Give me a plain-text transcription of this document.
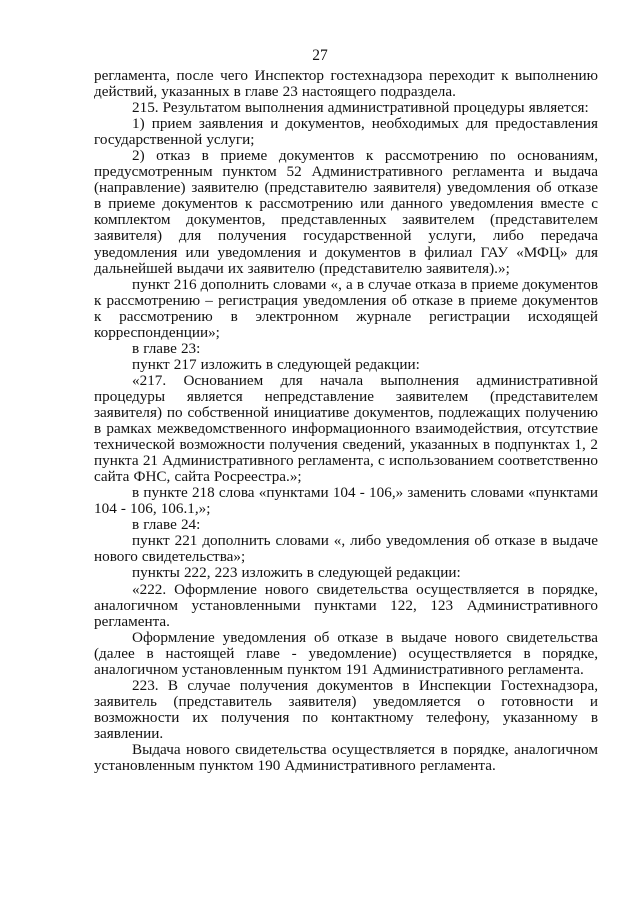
27

регламента, после чего Инспектор гостехнадзора переходит к выполнению действий, указанных в главе 23 настоящего подраздела.

215. Результатом выполнения административной процедуры является:

1) прием заявления и документов, необходимых для предоставления государственной услуги;

2) отказ в приеме документов к рассмотрению по основаниям, предусмотренным пунктом 52 Административного регламента и выдача (направление) заявителю (представителю заявителя) уведомления об отказе в приеме документов к рассмотрению или данного уведомления вместе с комплектом документов, представленных заявителем (представителем заявителя) для получения государственной услуги, либо передача уведомления или уведомления и документов в филиал ГАУ «МФЦ» для дальнейшей выдачи их заявителю (представителю заявителя).»;

пункт 216 дополнить словами «, а в случае отказа в приеме документов к рассмотрению – регистрация уведомления об отказе в приеме документов к рассмотрению в электронном журнале регистрации исходящей корреспонденции»;

в главе 23:

пункт 217 изложить в следующей редакции:

«217. Основанием для начала выполнения административной процедуры является непредставление заявителем (представителем заявителя) по собственной инициативе документов, подлежащих получению в рамках межведомственного информационного взаимодействия, отсутствие технической возможности получения сведений, указанных в подпунктах 1, 2 пункта 21 Административного регламента, с использованием соответственно сайта ФНС, сайта Росреестра.»;

в пункте 218 слова «пунктами 104 - 106,» заменить словами «пунктами 104 - 106, 106.1,»;

в главе 24:

пункт 221 дополнить словами «, либо уведомления об отказе в выдаче нового свидетельства»;

пункты 222, 223 изложить в следующей редакции:

«222. Оформление нового свидетельства осуществляется в порядке, аналогичном установленными пунктами 122, 123 Административного регламента.

Оформление уведомления об отказе в выдаче нового свидетельства (далее в настоящей главе - уведомление) осуществляется в порядке, аналогичном установленным пунктом 191 Административного регламента.

223. В случае получения документов в Инспекции Гостехнадзора, заявитель (представитель заявителя) уведомляется о готовности и возможности их получения по контактному телефону, указанному в заявлении.

Выдача нового свидетельства осуществляется в порядке, аналогичном установленным пунктом 190 Административного регламента.
